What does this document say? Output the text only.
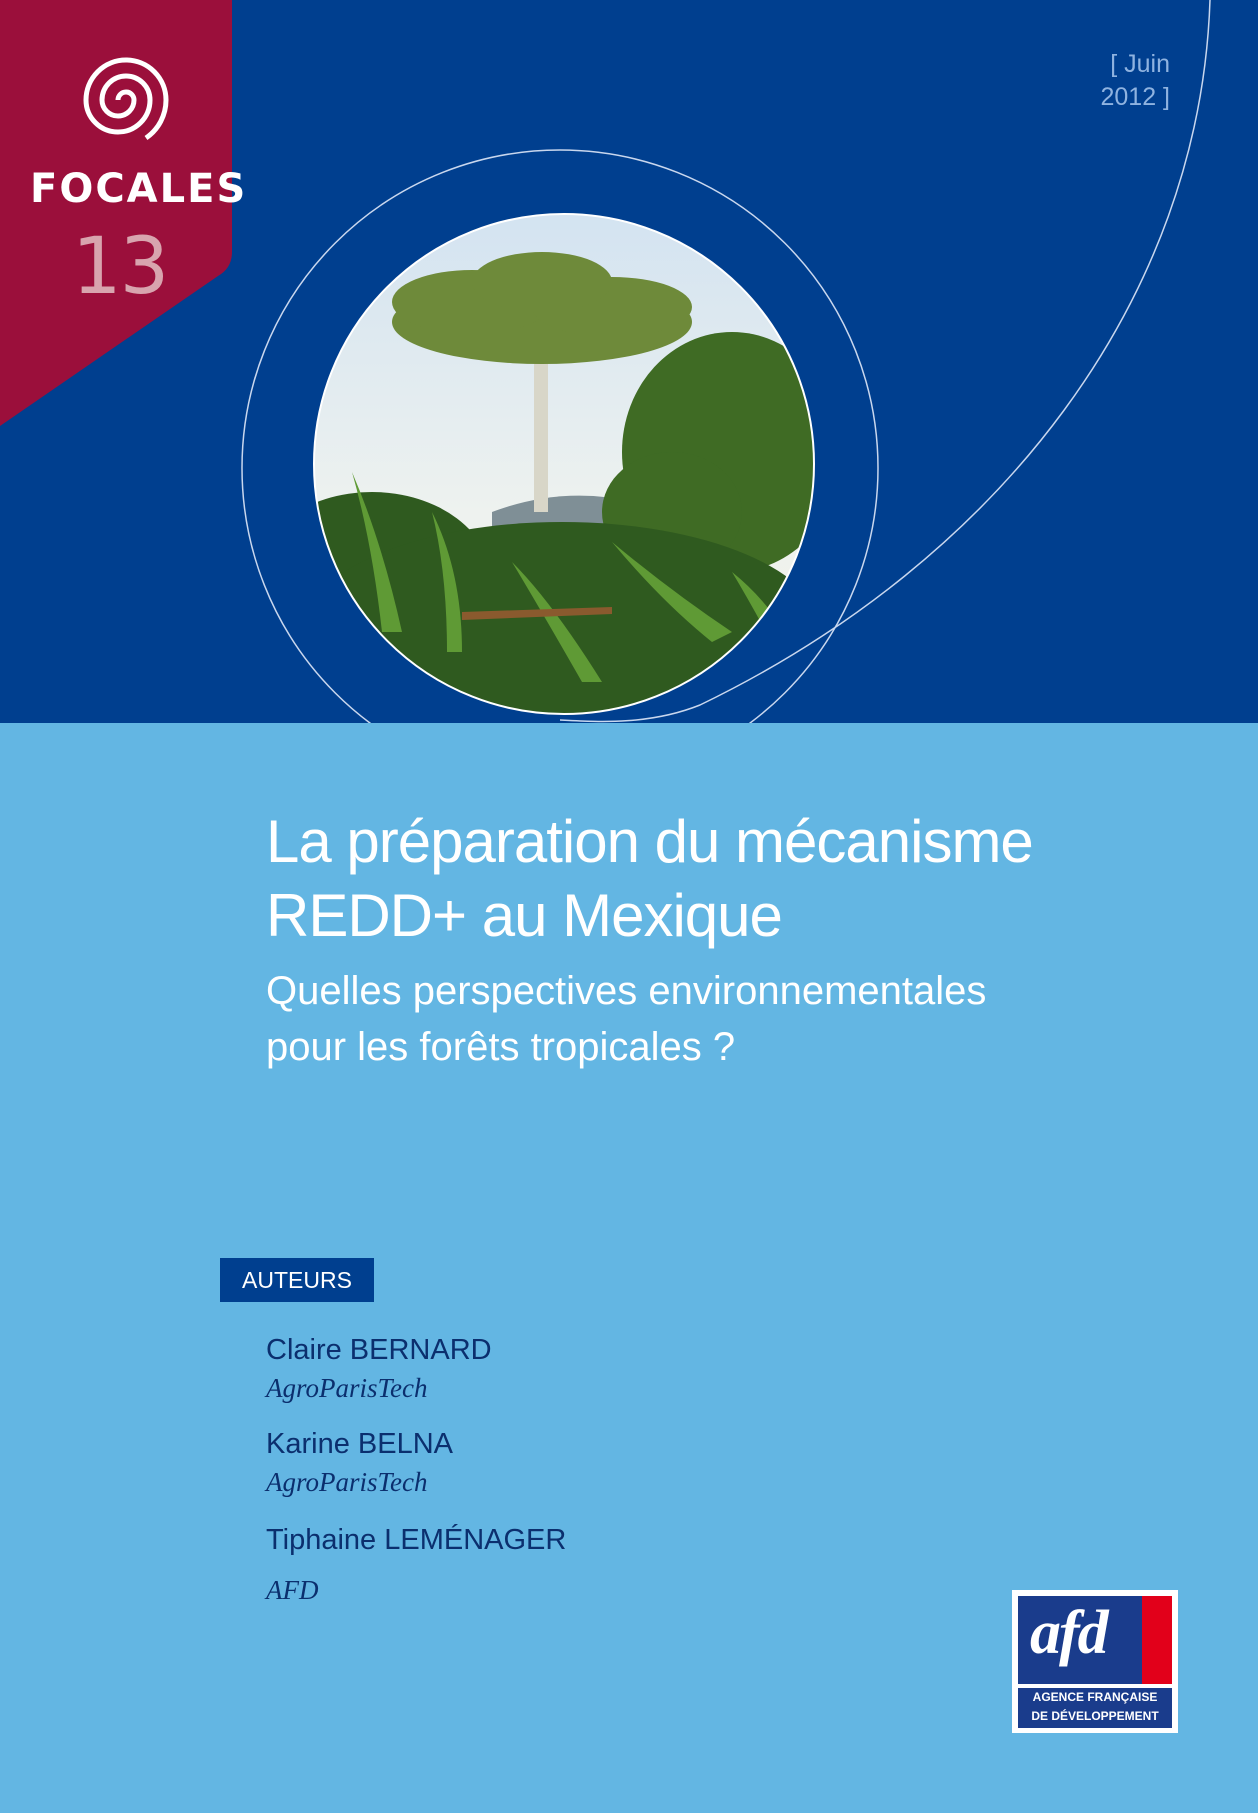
FOCALES
13
[ Juin
2012 ]
La préparation du mécanisme
REDD+ au Mexique
Quelles perspectives environnementales
pour les forêts tropicales ?
AUTEURS
Claire BERNARD
AgroParisTech
Karine BELNA
AgroParisTech
Tiphaine LEMÉNAGER
AFD
afd
AGENCE FRANÇAISE
DE DÉVELOPPEMENT
